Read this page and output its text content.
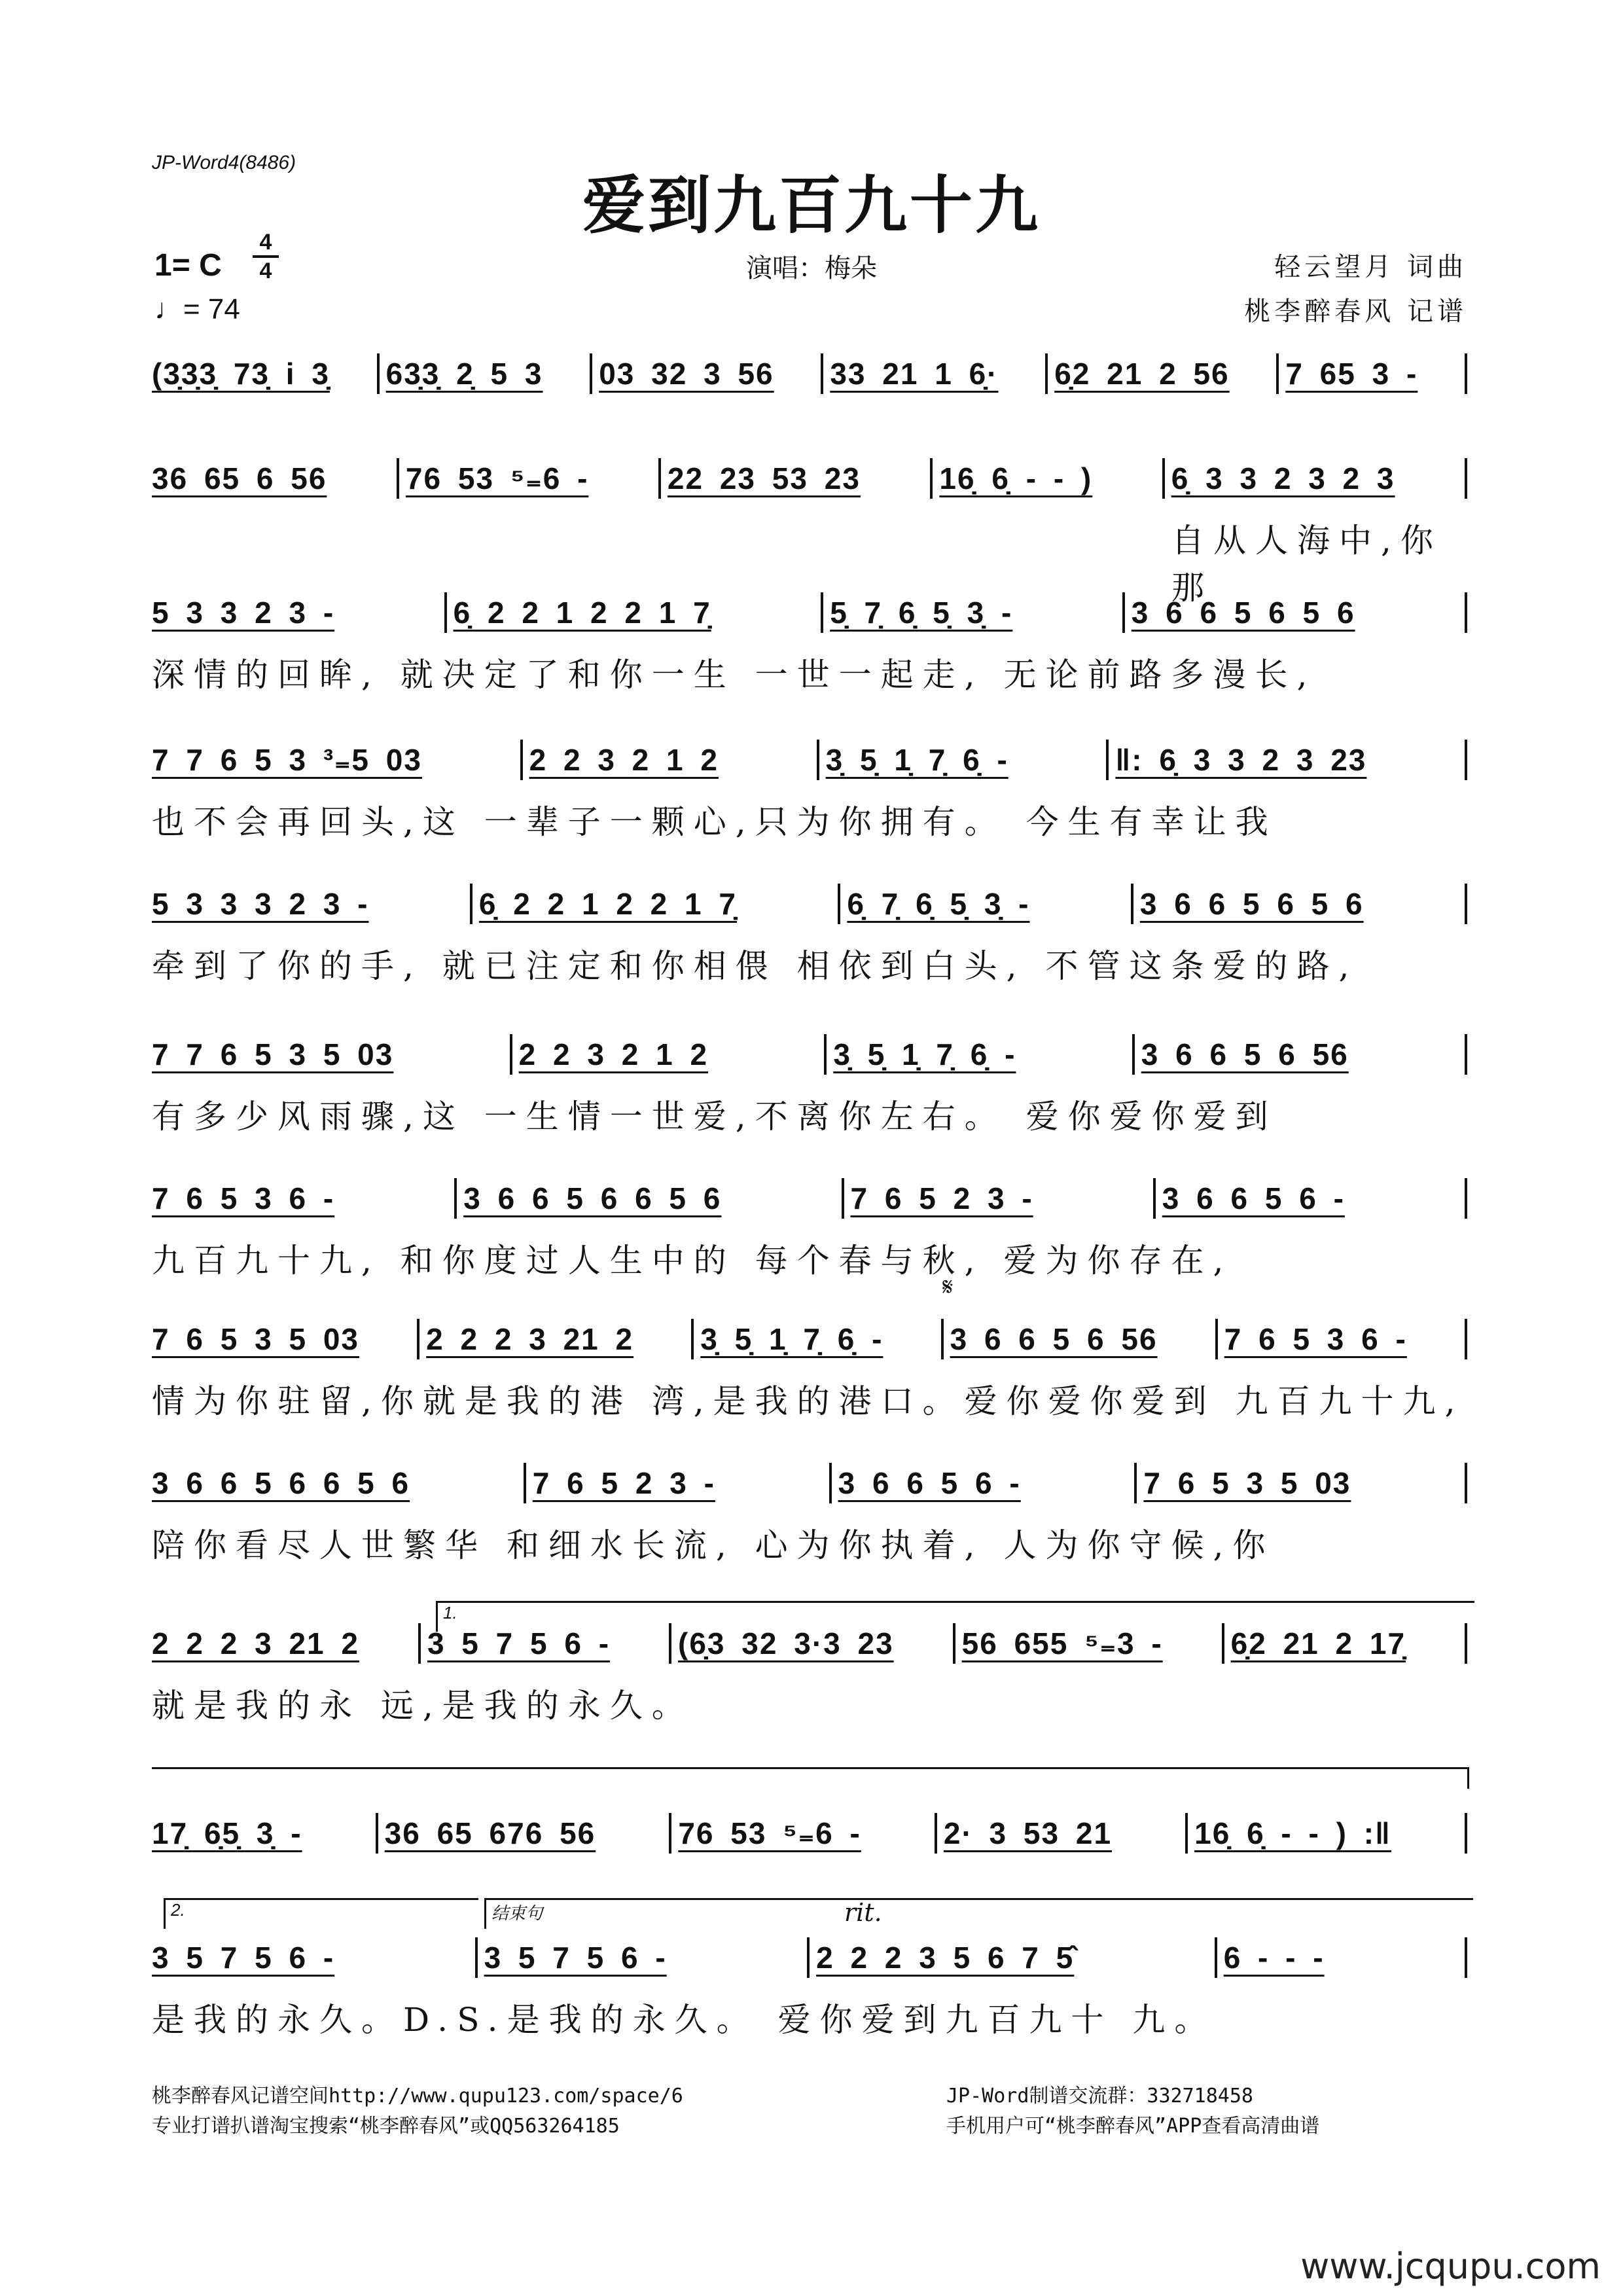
JP-Word4(8486)
爱到九百九十九
演唱：梅朵
1= C
4
4
♩= 74
轻云望月 词曲
桃李醉春风 记谱
(3̣3̣3̣ 73̣ i 3̣	63̣3̣ 2̣ 5 3	03 32 3 56	33 21 1 6̣·	6̣2 21 2 56	7 65 3 -
36 65 6 56	76 53 ⁵₌6 -	22 23 53 23	16̣ 6̣ - - )	6̣ 3 3 2 3 2 3
自从人海中,你那
5 3 3 2 3 -	6̣ 2 2 1 2 2 1 7̣	5̣ 7̣ 6̣ 5̣ 3̣ -	3 6 6 5 6 5 6
深情的回眸, 就决定了和你一生 一世一起走, 无论前路多漫长,
7 7 6 5 3 ³₌5 03	2 2 3 2 1 2	3̣ 5̣ 1̣ 7̣ 6̣ -	‖: 6̣ 3 3 2 3 23
也不会再回头,这 一辈子一颗心,只为你拥有。 今生有幸让我
5 3 3 3 2 3 -	6̣ 2 2 1 2 2 1 7̣	6̣ 7̣ 6̣ 5̣ 3̣ -	3 6 6 5 6 5 6
牵到了你的手, 就已注定和你相偎 相依到白头, 不管这条爱的路,
7 7 6 5 3 5 03	2 2 3 2 1 2	3̣ 5̣ 1̣ 7̣ 6̣ -	3 6 6 5 6 56
有多少风雨骤,这 一生情一世爱,不离你左右。 爱你爱你爱到
7 6 5 3 6 -	3 6 6 5 6 6 5 6	7 6 5 2 3 -	3 6 6 5 6 -
九百九十九, 和你度过人生中的 每个春与秋, 爱为你存在,
7 6 5 3 5 03	2 2 2 3 21 2	3̣ 5̣ 1̣ 7̣ 6̣ -	3 6 6 5 6 56	7 6 5 3 6 -
情为你驻留,你就是我的港 湾,是我的港口。爱你爱你爱到 九百九十九,
3 6 6 5 6 6 5 6	7 6 5 2 3 -	3 6 6 5 6 -	7 6 5 3 5 03
陪你看尽人世繁华 和细水长流, 心为你执着, 人为你守候,你
2 2 2 3 21 2	3 5 7 5 6 -	(6̣3 32 3·3 23	56 655 ⁵₌3 -	6̣2 21 2 17̣
就是我的永 远,是我的永久。
17̣ 6̣5̣ 3̣ -	36 65 676 56	76 53 ⁵₌6 -	2· 3 53 21	16̣ 6̣ - - ) :‖
3 5 7 5 6 -	3 5 7 5 6 -	2 2 2 3 5 6 7 5̂	6 - - -
是我的永久。D.S.是我的永久。 爱你爱到九百九十 九。
1.
2.	结束句	rit.
𝄋
桃李醉春风记谱空间http://www.qupu123.com/space/6
专业打谱扒谱淘宝搜索“桃李醉春风”或QQ563264185
JP-Word制谱交流群：332718458
手机用户可“桃李醉春风”APP查看高清曲谱
www.jcqupu.com
